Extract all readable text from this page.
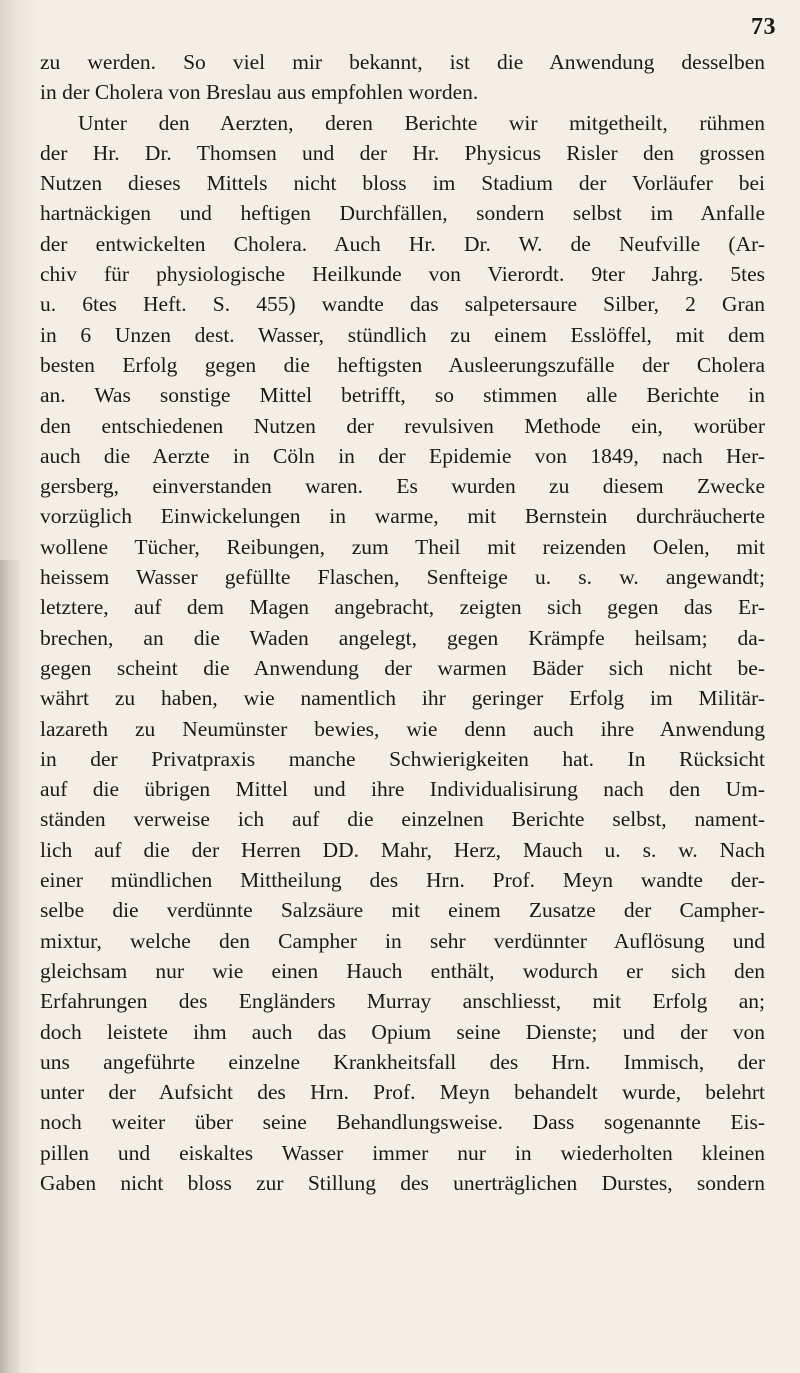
73
zu werden. So viel mir bekannt, ist die Anwendung desselben
in der Cholera von Breslau aus empfohlen worden.
Unter den Aerzten, deren Berichte wir mitgetheilt, rühmen
der Hr. Dr. Thomsen und der Hr. Physicus Risler den grossen
Nutzen dieses Mittels nicht bloss im Stadium der Vorläufer bei
hartnäckigen und heftigen Durchfällen, sondern selbst im Anfalle
der entwickelten Cholera. Auch Hr. Dr. W. de Neufville (Ar-
chiv für physiologische Heilkunde von Vierordt. 9ter Jahrg. 5tes
u. 6tes Heft. S. 455) wandte das salpetersaure Silber, 2 Gran
in 6 Unzen dest. Wasser, stündlich zu einem Esslöffel, mit dem
besten Erfolg gegen die heftigsten Ausleerungszufälle der Cholera
an. Was sonstige Mittel betrifft, so stimmen alle Berichte in
den entschiedenen Nutzen der revulsiven Methode ein, worüber
auch die Aerzte in Cöln in der Epidemie von 1849, nach Her-
gersberg, einverstanden waren. Es wurden zu diesem Zwecke
vorzüglich Einwickelungen in warme, mit Bernstein durchräucherte
wollene Tücher, Reibungen, zum Theil mit reizenden Oelen, mit
heissem Wasser gefüllte Flaschen, Senfteige u. s. w. angewandt;
letztere, auf dem Magen angebracht, zeigten sich gegen das Er-
brechen, an die Waden angelegt, gegen Krämpfe heilsam; da-
gegen scheint die Anwendung der warmen Bäder sich nicht be-
währt zu haben, wie namentlich ihr geringer Erfolg im Militär-
lazareth zu Neumünster bewies, wie denn auch ihre Anwendung
in der Privatpraxis manche Schwierigkeiten hat. In Rücksicht
auf die übrigen Mittel und ihre Individualisirung nach den Um-
ständen verweise ich auf die einzelnen Berichte selbst, nament-
lich auf die der Herren DD. Mahr, Herz, Mauch u. s. w. Nach
einer mündlichen Mittheilung des Hrn. Prof. Meyn wandte der-
selbe die verdünnte Salzsäure mit einem Zusatze der Campher-
mixtur, welche den Campher in sehr verdünnter Auflösung und
gleichsam nur wie einen Hauch enthält, wodurch er sich den
Erfahrungen des Engländers Murray anschliesst, mit Erfolg an;
doch leistete ihm auch das Opium seine Dienste; und der von
uns angeführte einzelne Krankheitsfall des Hrn. Immisch, der
unter der Aufsicht des Hrn. Prof. Meyn behandelt wurde, belehrt
noch weiter über seine Behandlungsweise. Dass sogenannte Eis-
pillen und eiskaltes Wasser immer nur in wiederholten kleinen
Gaben nicht bloss zur Stillung des unerträglichen Durstes, sondern
